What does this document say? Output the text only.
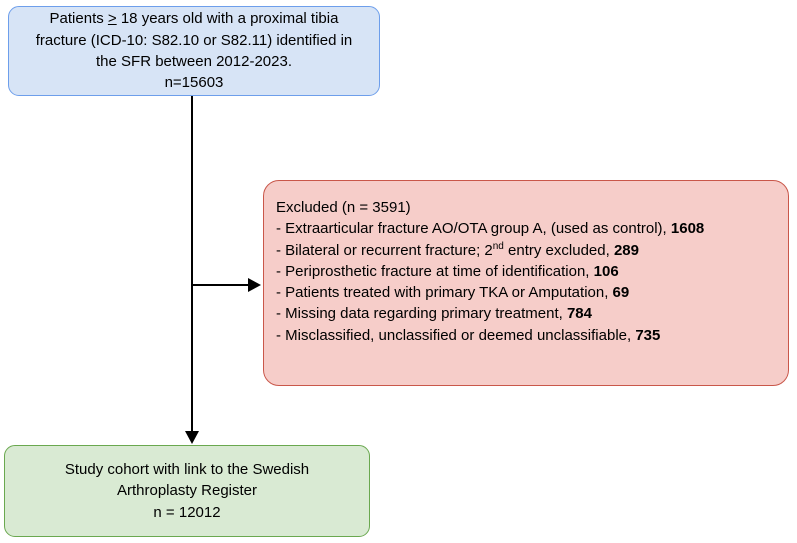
Patients ≥ 18 years old with a proximal tibia
fracture (ICD-10: S82.10 or S82.11) identified in
the SFR between 2012-2023.
n=15603
Excluded (n = 3591)
- Extraarticular fracture AO/OTA group A, (used as control), 1608
- Bilateral or recurrent fracture; 2nd entry excluded, 289
- Periprosthetic fracture at time of identification, 106
- Patients treated with primary TKA or Amputation, 69
- Missing data regarding primary treatment, 784
- Misclassified, unclassified or deemed unclassifiable, 735
Study cohort with link to the Swedish
Arthroplasty Register
n = 12012
